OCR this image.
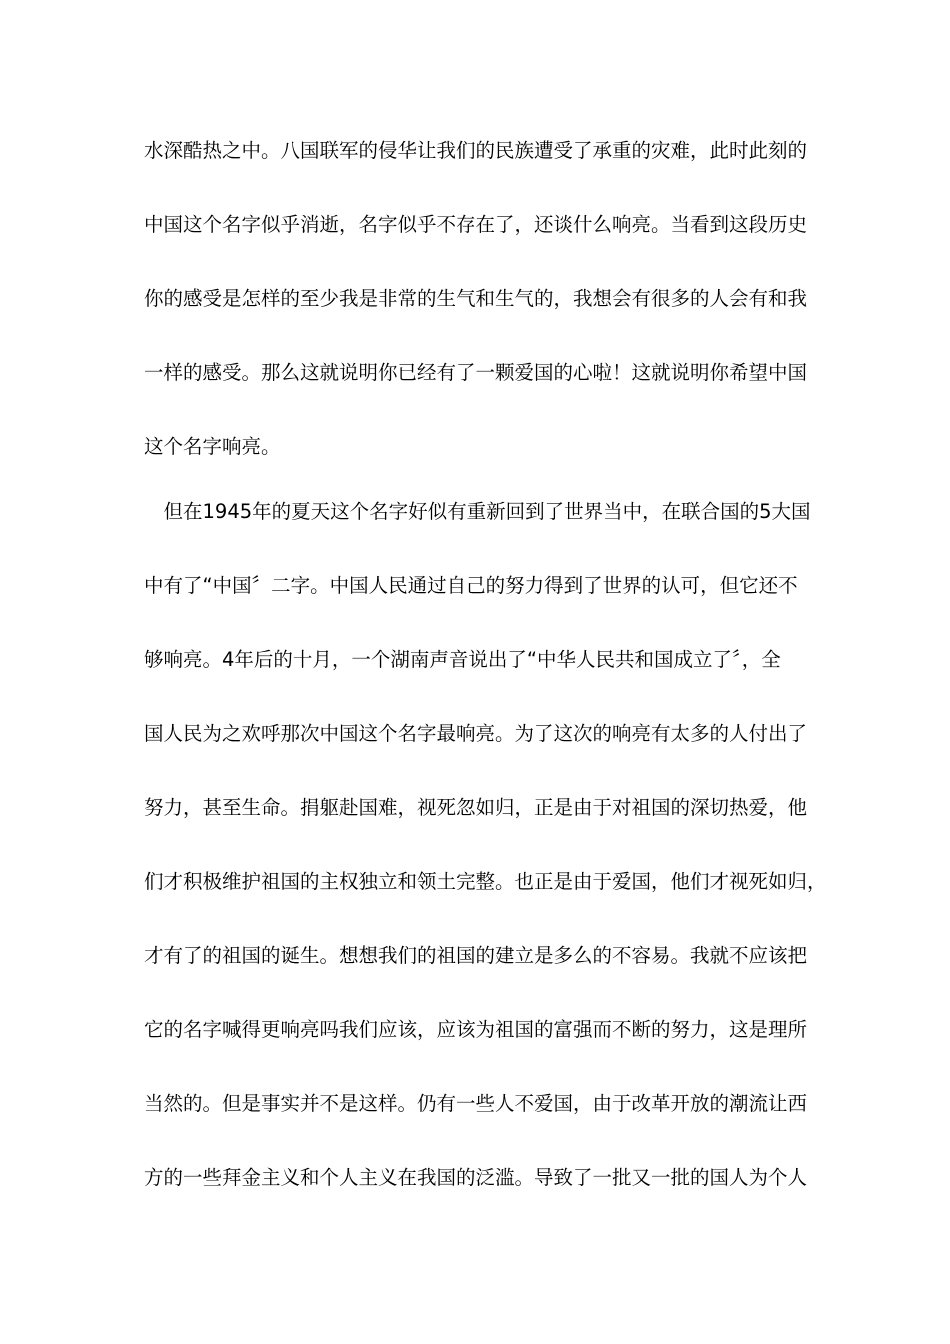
水深酷热之中。八国联军的侵华让我们的民族遭受了承重的灾难，此时此刻的
中国这个名字似乎消逝，名字似乎不存在了，还谈什么响亮。当看到这段历史
你的感受是怎样的至少我是非常的生气和生气的，我想会有很多的人会有和我
一样的感受。那么这就说明你已经有了一颗爱国的心啦！这就说明你希望中国
这个名字响亮。
　但在1945年的夏天这个名字好似有重新回到了世界当中，在联合国的5大国
中有了“中国〞二字。中国人民通过自己的努力得到了世界的认可，但它还不
够响亮。4年后的十月，一个湖南声音说出了“中华人民共和国成立了〞，全
国人民为之欢呼那次中国这个名字最响亮。为了这次的响亮有太多的人付出了
努力，甚至生命。捐躯赴国难，视死忽如归，正是由于对祖国的深切热爱，他
们才积极维护祖国的主权独立和领土完整。也正是由于爱国，他们才视死如归，
才有了的祖国的诞生。想想我们的祖国的建立是多么的不容易。我就不应该把
它的名字喊得更响亮吗我们应该，应该为祖国的富强而不断的努力，这是理所
当然的。但是事实并不是这样。仍有一些人不爱国，由于改革开放的潮流让西
方的一些拜金主义和个人主义在我国的泛滥。导致了一批又一批的国人为个人
